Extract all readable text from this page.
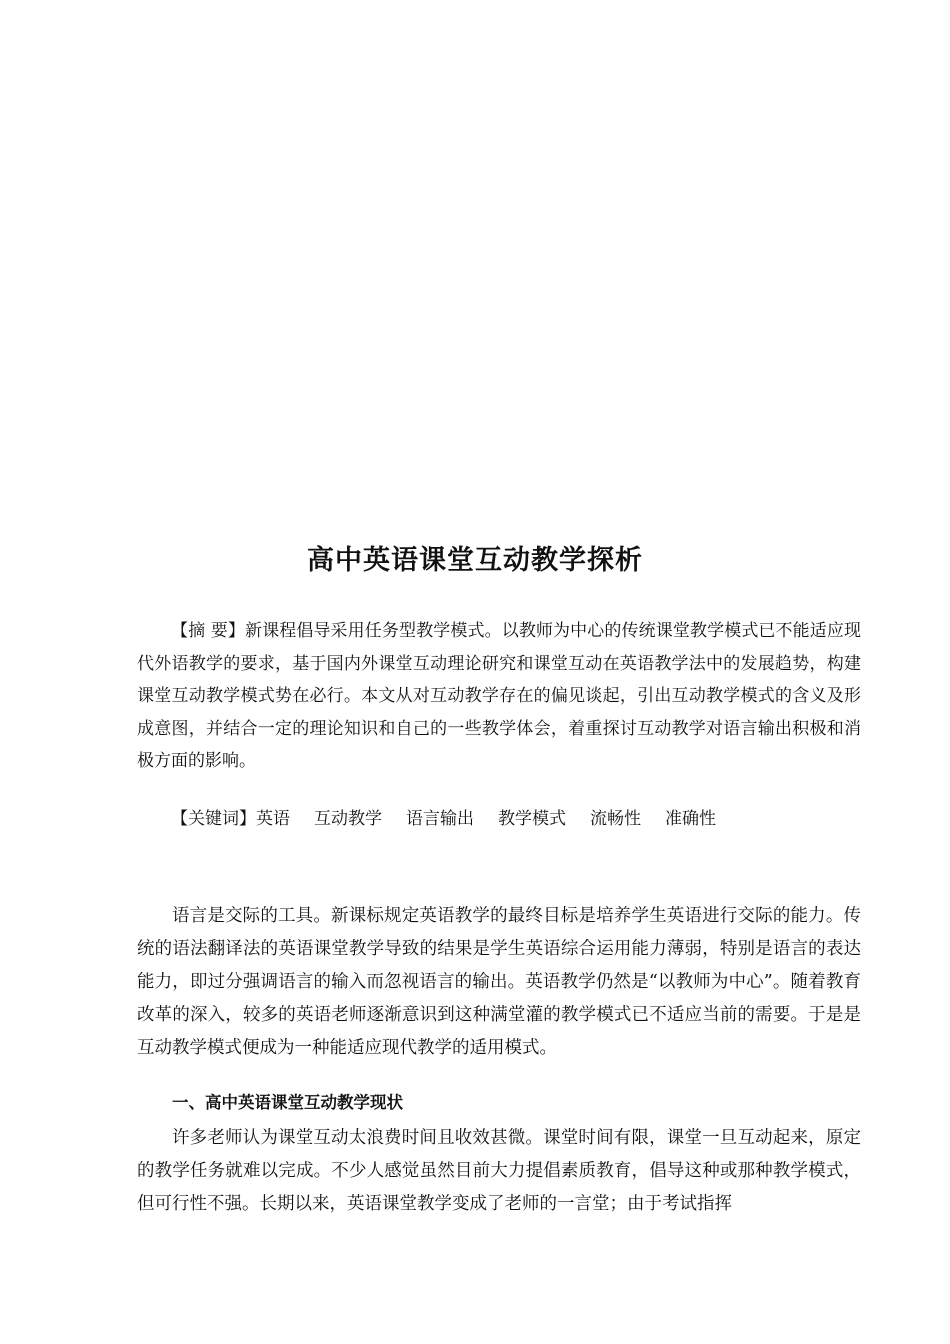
高中英语课堂互动教学探析

【摘 要】新课程倡导采用任务型教学模式。以教师为中心的传统课堂教学模式已不能适应现代外语教学的要求，基于国内外课堂互动理论研究和课堂互动在英语教学法中的发展趋势，构建课堂互动教学模式势在必行。本文从对互动教学存在的偏见谈起，引出互动教学模式的含义及形成意图，并结合一定的理论知识和自己的一些教学体会，着重探讨互动教学对语言输出积极和消极方面的影响。

【关键词】英语 互动教学 语言输出 教学模式 流畅性 准确性

语言是交际的工具。新课标规定英语教学的最终目标是培养学生英语进行交际的能力。传统的语法翻译法的英语课堂教学导致的结果是学生英语综合运用能力薄弱，特别是语言的表达能力，即过分强调语言的输入而忽视语言的输出。英语教学仍然是“以教师为中心”。随着教育改革的深入，较多的英语老师逐渐意识到这种满堂灌的教学模式已不适应当前的需要。于是是互动教学模式便成为一种能适应现代教学的适用模式。

一、高中英语课堂互动教学现状

许多老师认为课堂互动太浪费时间且收效甚微。课堂时间有限，课堂一旦互动起来，原定的教学任务就难以完成。不少人感觉虽然目前大力提倡素质教育，倡导这种或那种教学模式，但可行性不强。长期以来，英语课堂教学变成了老师的一言堂；由于考试指挥
